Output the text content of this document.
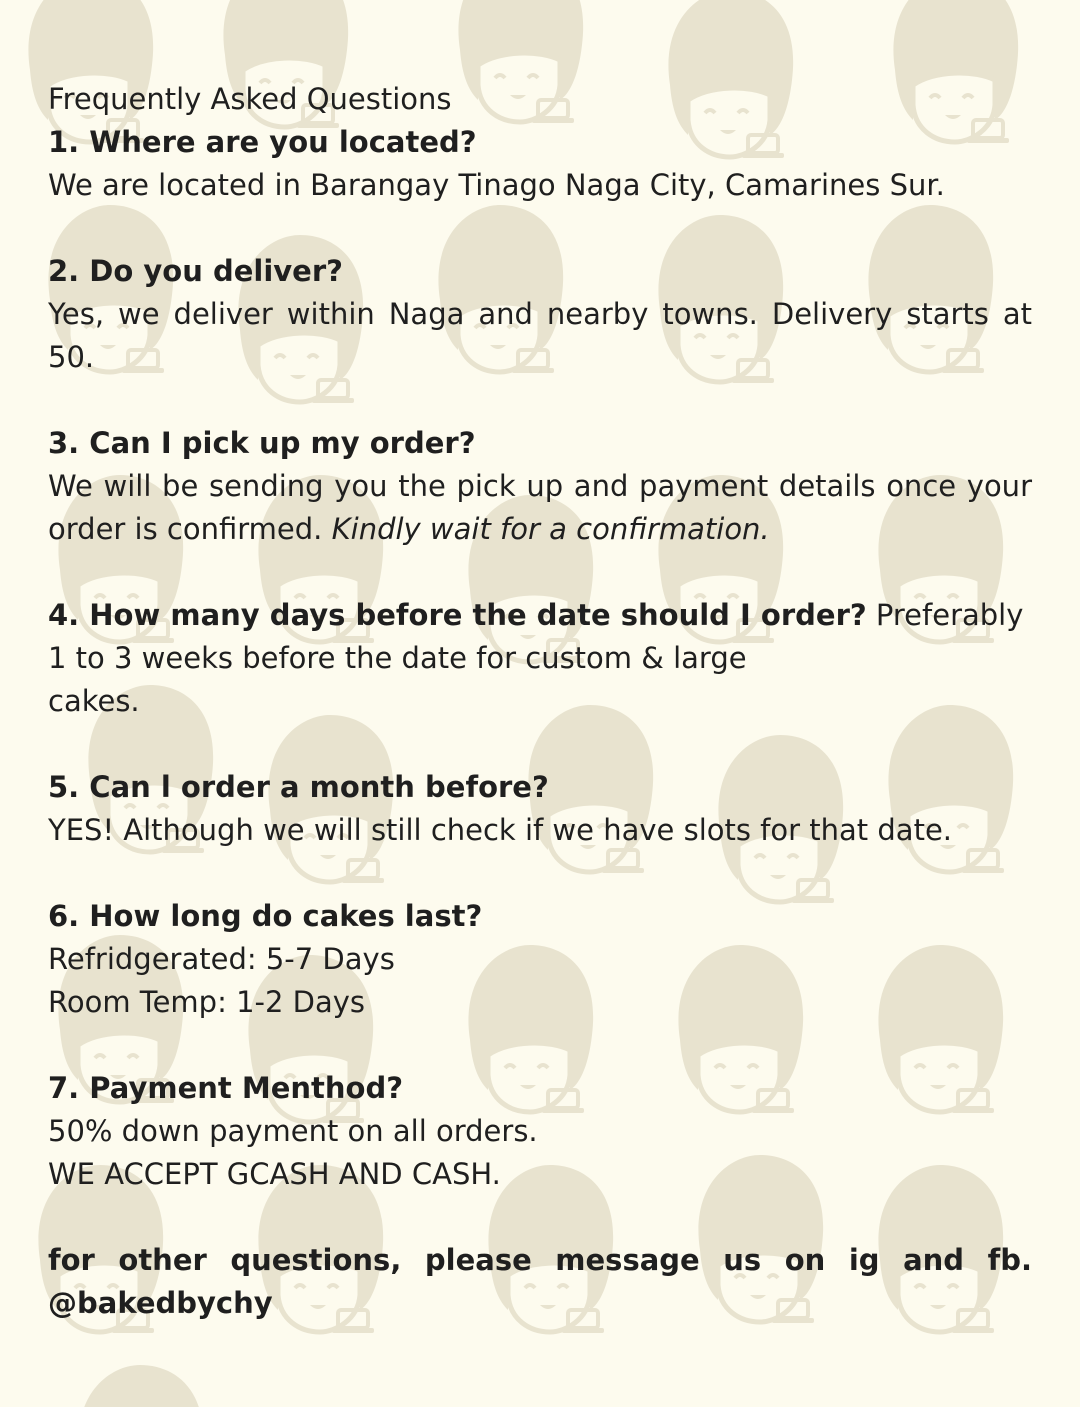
Frequently Asked Questions

1. Where are you located?

We are located in Barangay Tinago Naga City, Camarines Sur.

2. Do you deliver?

Yes, we deliver within Naga and nearby towns. Delivery starts at 50.

3. Can I pick up my order?

We will be sending you the pick up and payment details once your order is confirmed. Kindly wait for a confirmation.

4. How many days before the date should I order? Preferably 1 to 3 weeks before the date for custom & large
cakes.

5. Can l order a month before?

YES! Although we will still check if we have slots for that date.

6. How long do cakes last?

Refridgerated: 5-7 Days

Room Temp: 1-2 Days

7. Payment Menthod?

50% down payment on all orders.

WE ACCEPT GCASH AND CASH.

for other questions, please message us on ig and fb. @bakedbychy
